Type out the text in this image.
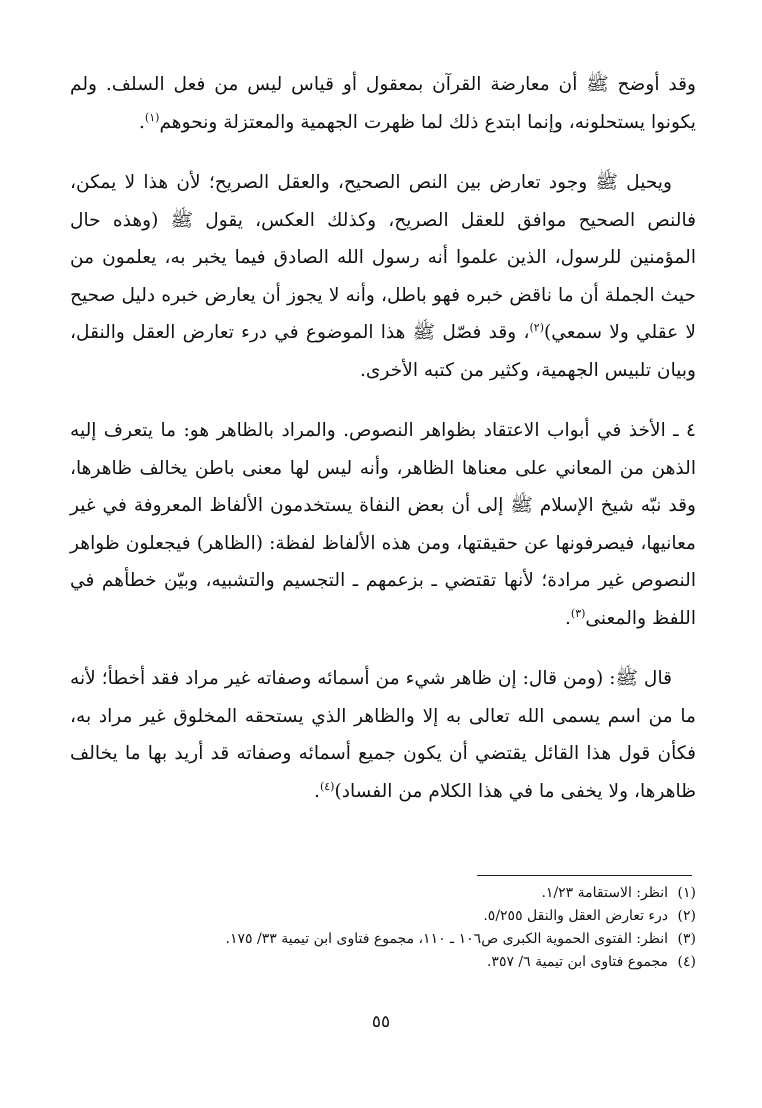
وقد أوضح ﷺ أن معارضة القرآن بمعقول أو قياس ليس من فعل السلف. ولم يكونوا يستحلونه، وإنما ابتدع ذلك لما ظهرت الجهمية والمعتزلة ونحوهم$^{(١)}$.

ويحيل ﷺ وجود تعارض بين النص الصحيح، والعقل الصريح؛ لأن هذا لا يمكن، فالنص الصحيح موافق للعقل الصريح، وكذلك العكس، يقول ﷺ (وهذه حال المؤمنين للرسول، الذين علموا أنه رسول الله الصادق فيما يخبر به، يعلمون من حيث الجملة أن ما ناقض خبره فهو باطل، وأنه لا يجوز أن يعارض خبره دليل صحيح لا عقلي ولا سمعي)$^{(٢)}$، وقد فصّل ﷺ هذا الموضوع في درء تعارض العقل والنقل، وبيان تلبيس الجهمية، وكثير من كتبه الأخرى.

٤ ـ الأخذ في أبواب الاعتقاد بظواهر النصوص. والمراد بالظاهر هو: ما يتعرف إليه الذهن من المعاني على معناها الظاهر، وأنه ليس لها معنى باطن يخالف ظاهرها، وقد نبّه شيخ الإسلام ﷺ إلى أن بعض النفاة يستخدمون الألفاظ المعروفة في غير معانيها، فيصرفونها عن حقيقتها، ومن هذه الألفاظ لفظة: (الظاهر) فيجعلون ظواهر النصوص غير مرادة؛ لأنها تقتضي ـ بزعمهم ـ التجسيم والتشبيه، وبيّن خطأهم في اللفظ والمعنى$^{(٣)}$.

قال ﷺ: (ومن قال: إن ظاهر شيء من أسمائه وصفاته غير مراد فقد أخطأ؛ لأنه ما من اسم يسمى الله تعالى به إلا والظاهر الذي يستحقه المخلوق غير مراد به، فكأن قول هذا القائل يقتضي أن يكون جميع أسمائه وصفاته قد أريد بها ما يخالف ظاهرها، ولا يخفى ما في هذا الكلام من الفساد)$^{(٤)}$.

(١)انظر: الاستقامة ١/٢٣.
(٢)درء تعارض العقل والنقل ٥/٢٥٥.
(٣)انظر: الفتوى الحموية الكبرى ص١٠٦ ـ ١١٠، مجموع فتاوى ابن تيمية ٣٣/ ١٧٥.
(٤)مجموع فتاوى ابن تيمية ٦/ ٣٥٧.
٥٥
